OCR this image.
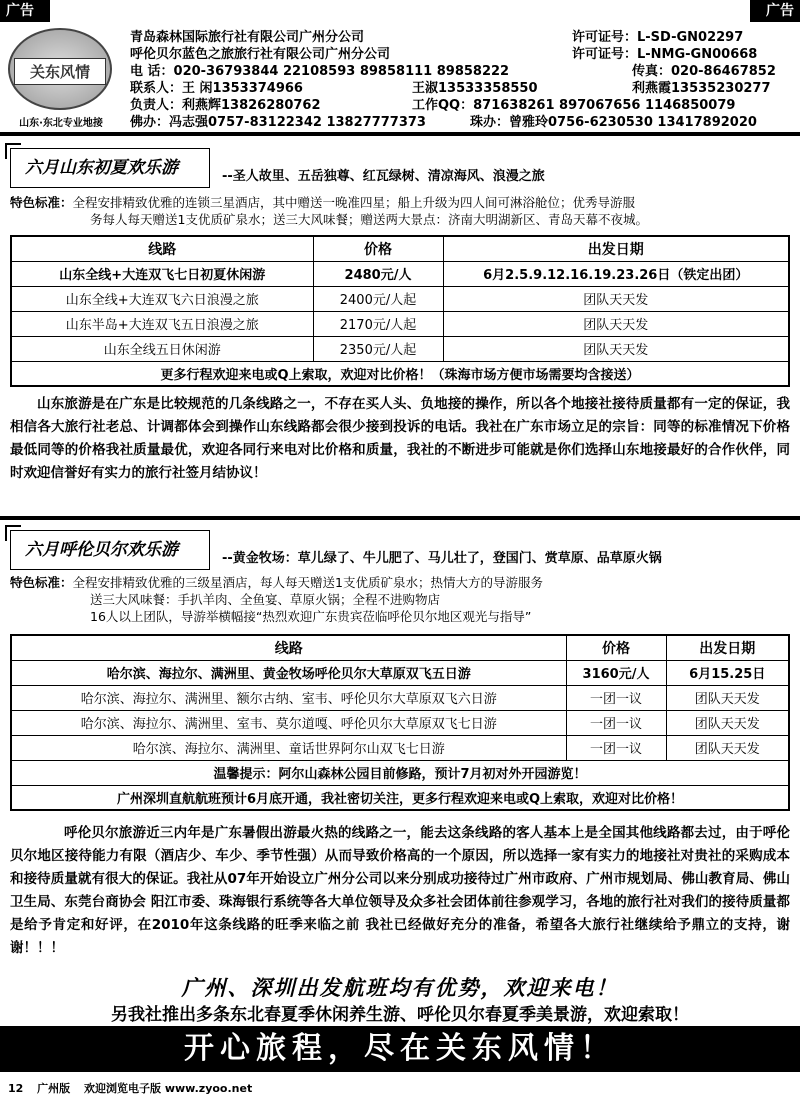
广告	广告
关东风情
山东·东北专业地接
青岛森林国际旅行社有限公司广州分公司	许可证号：L-SD-GN02297
呼伦贝尔蓝色之旅旅行社有限公司广州分公司	许可证号：L-NMG-GN00668
电 话：020-36793844 22108593 89858111 89858222	传真：020-86467852
联系人：王 闲1353374966	王淑13533358550	利燕霞13535230277
负责人：利燕辉13826280762	工作QQ：871638261 897067656 1146850079
佛办：冯志强0757-83122342 13827777373	珠办：曾雅玲0756-6230530 13417892020
六月山东初夏欢乐游	--圣人故里、五岳独尊、红瓦绿树、清凉海风、浪漫之旅
特色标准：全程安排精致优雅的连锁三星酒店，其中赠送一晚准四星；船上升级为四人间可淋浴舱位；优秀导游服
务每人每天赠送1支优质矿泉水；送三大风味餐；赠送两大景点：济南大明湖新区、青岛天幕不夜城。
线路	价格	出发日期
山东全线+大连双飞七日初夏休闲游	2480元/人	6月2.5.9.12.16.19.23.26日（铁定出团）
山东全线+大连双飞六日浪漫之旅	2400元/人起	团队天天发
山东半岛+大连双飞五日浪漫之旅	2170元/人起	团队天天发
山东全线五日休闲游	2350元/人起	团队天天发
更多行程欢迎来电或Q上索取，欢迎对比价格！（珠海市场方便市场需要均含接送）		
山东旅游是在广东是比较规范的几条线路之一，不存在买人头、负地接的操作，所以各个地接社接待质量都有一定的保证，我相信各大旅行社老总、计调都体会到操作山东线路都会很少接到投诉的电话。我社在广东市场立足的宗旨：同等的标准情况下价格最低同等的价格我社质量最优，欢迎各同行来电对比价格和质量，我社的不断进步可能就是你们选择山东地接最好的合作伙伴，同时欢迎信誉好有实力的旅行社签月结协议！
六月呼伦贝尔欢乐游	--黄金牧场：草儿绿了、牛儿肥了、马儿壮了，登国门、赏草原、品草原火锅
特色标准：全程安排精致优雅的三级星酒店，每人每天赠送1支优质矿泉水；热情大方的导游服务
送三大风味餐：手扒羊肉、全鱼宴、草原火锅；全程不进购物店
16人以上团队，导游举横幅接“热烈欢迎广东贵宾莅临呼伦贝尔地区观光与指导”
线路	价格	出发日期
哈尔滨、海拉尔、满洲里、黄金牧场呼伦贝尔大草原双飞五日游	3160元/人	6月15.25日
哈尔滨、海拉尔、满洲里、额尔古纳、室韦、呼伦贝尔大草原双飞六日游	一团一议	团队天天发
哈尔滨、海拉尔、满洲里、室韦、莫尔道嘎、呼伦贝尔大草原双飞七日游	一团一议	团队天天发
哈尔滨、海拉尔、满洲里、童话世界阿尔山双飞七日游	一团一议	团队天天发
温馨提示：阿尔山森林公园目前修路，预计7月初对外开园游览！		
广州深圳直航航班预计6月底开通，我社密切关注，更多行程欢迎来电或Q上索取，欢迎对比价格！		
呼伦贝尔旅游近三内年是广东暑假出游最火热的线路之一，能去这条线路的客人基本上是全国其他线路都去过，由于呼伦贝尔地区接待能力有限（酒店少、车少、季节性强）从而导致价格高的一个原因，所以选择一家有实力的地接社对贵社的采购成本和接待质量就有很大的保证。我社从07年开始设立广州分公司以来分别成功接待过广州市政府、广州市规划局、佛山教育局、佛山卫生局、东莞台商协会 阳江市委、珠海银行系统等各大单位领导及众多社会团体前往参观学习，各地的旅行社对我们的接待质量都是给予肯定和好评，在2010年这条线路的旺季来临之前 我社已经做好充分的准备，希望各大旅行社继续给予鼎立的支持，谢谢！！！
广州、深圳出发航班均有优势，欢迎来电！
另我社推出多条东北春夏季休闲养生游、呼伦贝尔春夏季美景游，欢迎索取！
开心旅程，尽在关东风情！
12 广州版 欢迎浏览电子版 www.zyoo.net
